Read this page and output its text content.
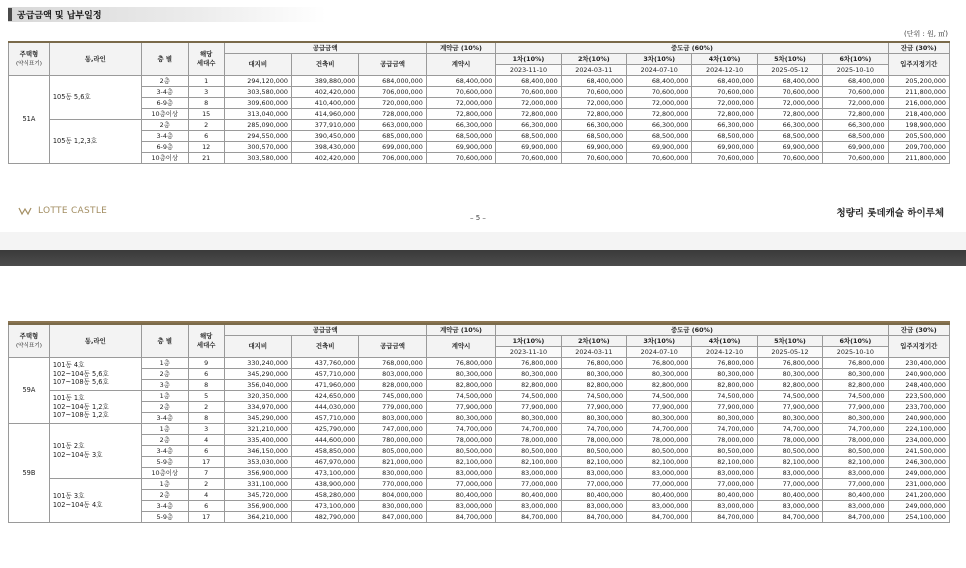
공급금액 및 납부일정
(단위 : 원, ㎡)
주택형
(약식표기)	동,라인	층 별	해당
세대수	공급금액			계약금 (10%)	중도금 (60%)						잔금 (30%)
				대지비	건축비	공급금액	계약시	1차(10%)	2차(10%)	3차(10%)	4차(10%)	5차(10%)	6차(10%)	입주지정기간
								2023-11-10	2024-03-11	2024-07-10	2024-12-10	2025-05-12	2025-10-10	
51A	105동 5,6호	2층	1	294,120,000	389,880,000	684,000,000	68,400,000	68,400,000	68,400,000	68,400,000	68,400,000	68,400,000	68,400,000	205,200,000
		3-4층	3	303,580,000	402,420,000	706,000,000	70,600,000	70,600,000	70,600,000	70,600,000	70,600,000	70,600,000	70,600,000	211,800,000
		6-9층	8	309,600,000	410,400,000	720,000,000	72,000,000	72,000,000	72,000,000	72,000,000	72,000,000	72,000,000	72,000,000	216,000,000
		10층이상	15	313,040,000	414,960,000	728,000,000	72,800,000	72,800,000	72,800,000	72,800,000	72,800,000	72,800,000	72,800,000	218,400,000
	105동 1,2,3호	2층	2	285,090,000	377,910,000	663,000,000	66,300,000	66,300,000	66,300,000	66,300,000	66,300,000	66,300,000	66,300,000	198,900,000
		3-4층	6	294,550,000	390,450,000	685,000,000	68,500,000	68,500,000	68,500,000	68,500,000	68,500,000	68,500,000	68,500,000	205,500,000
		6-9층	12	300,570,000	398,430,000	699,000,000	69,900,000	69,900,000	69,900,000	69,900,000	69,900,000	69,900,000	69,900,000	209,700,000
		10층이상	21	303,580,000	402,420,000	706,000,000	70,600,000	70,600,000	70,600,000	70,600,000	70,600,000	70,600,000	70,600,000	211,800,000
LOTTE CASTLE
– 5 –	청량리 롯데캐슬 하이루체
주택형
(약식표기)	동,라인	층 별	해당
세대수	공급금액			계약금 (10%)	중도금 (60%)						잔금 (30%)
				대지비	건축비	공급금액	계약시	1차(10%)	2차(10%)	3차(10%)	4차(10%)	5차(10%)	6차(10%)	입주지정기간
								2023-11-10	2024-03-11	2024-07-10	2024-12-10	2025-05-12	2025-10-10	
59A	101동 4호
102~104동 5,6호
107~108동 5,6호	1층	9	330,240,000	437,760,000	768,000,000	76,800,000	76,800,000	76,800,000	76,800,000	76,800,000	76,800,000	76,800,000	230,400,000
		2층	6	345,290,000	457,710,000	803,000,000	80,300,000	80,300,000	80,300,000	80,300,000	80,300,000	80,300,000	80,300,000	240,900,000
		3층	8	356,040,000	471,960,000	828,000,000	82,800,000	82,800,000	82,800,000	82,800,000	82,800,000	82,800,000	82,800,000	248,400,000
	101동 1호
102~104동 1,2호
107~108동 1,2호	1층	5	320,350,000	424,650,000	745,000,000	74,500,000	74,500,000	74,500,000	74,500,000	74,500,000	74,500,000	74,500,000	223,500,000
		2층	2	334,970,000	444,030,000	779,000,000	77,900,000	77,900,000	77,900,000	77,900,000	77,900,000	77,900,000	77,900,000	233,700,000
		3-4층	8	345,290,000	457,710,000	803,000,000	80,300,000	80,300,000	80,300,000	80,300,000	80,300,000	80,300,000	80,300,000	240,900,000
59B	101동 2호
102~104동 3호	1층	3	321,210,000	425,790,000	747,000,000	74,700,000	74,700,000	74,700,000	74,700,000	74,700,000	74,700,000	74,700,000	224,100,000
		2층	4	335,400,000	444,600,000	780,000,000	78,000,000	78,000,000	78,000,000	78,000,000	78,000,000	78,000,000	78,000,000	234,000,000
		3-4층	6	346,150,000	458,850,000	805,000,000	80,500,000	80,500,000	80,500,000	80,500,000	80,500,000	80,500,000	80,500,000	241,500,000
		5-9층	17	353,030,000	467,970,000	821,000,000	82,100,000	82,100,000	82,100,000	82,100,000	82,100,000	82,100,000	82,100,000	246,300,000
		10층이상	7	356,900,000	473,100,000	830,000,000	83,000,000	83,000,000	83,000,000	83,000,000	83,000,000	83,000,000	83,000,000	249,000,000
	101동 3호
102~104동 4호	1층	2	331,100,000	438,900,000	770,000,000	77,000,000	77,000,000	77,000,000	77,000,000	77,000,000	77,000,000	77,000,000	231,000,000
		2층	4	345,720,000	458,280,000	804,000,000	80,400,000	80,400,000	80,400,000	80,400,000	80,400,000	80,400,000	80,400,000	241,200,000
		3-4층	6	356,900,000	473,100,000	830,000,000	83,000,000	83,000,000	83,000,000	83,000,000	83,000,000	83,000,000	83,000,000	249,000,000
		5-9층	17	364,210,000	482,790,000	847,000,000	84,700,000	84,700,000	84,700,000	84,700,000	84,700,000	84,700,000	84,700,000	254,100,000
